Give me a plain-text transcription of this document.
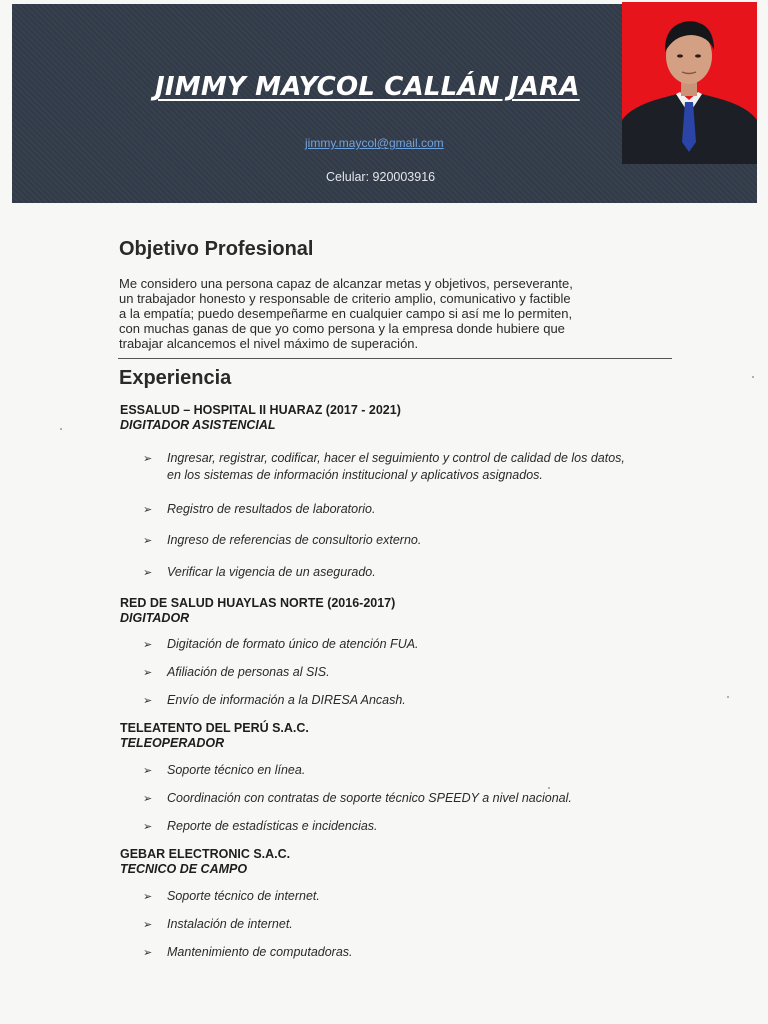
JIMMY MAYCOL CALLÁN JARA
jimmy.maycol@gmail.com
Celular: 920003916
Objetivo Profesional
Me considero una persona capaz de alcanzar metas y objetivos, perseverante,
un trabajador honesto y responsable de criterio amplio, comunicativo y factible
a la empatía; puedo desempeñarme en cualquier campo si así me lo permiten,
con muchas ganas de que yo como persona y la empresa donde hubiere que
trabajar alcancemos el nivel máximo de superación.
Experiencia
ESSALUD – HOSPITAL II HUARAZ (2017 - 2021)
DIGITADOR ASISTENCIAL
➢ Ingresar, registrar, codificar, hacer el seguimiento y control de calidad de los datos,
en los sistemas de información institucional y aplicativos asignados.
➢ Registro de resultados de laboratorio.
➢ Ingreso de referencias de consultorio externo.
➢ Verificar la vigencia de un asegurado.
RED DE SALUD HUAYLAS NORTE (2016-2017)
DIGITADOR
➢ Digitación de formato único de atención FUA.
➢ Afiliación de personas al SIS.
➢ Envío de información a la DIRESA Ancash.
TELEATENTO DEL PERÚ S.A.C.
TELEOPERADOR
➢ Soporte técnico en línea.
➢ Coordinación con contratas de soporte técnico SPEEDY a nivel nacional.
➢ Reporte de estadísticas e incidencias.
GEBAR ELECTRONIC S.A.C.
TECNICO DE CAMPO
➢ Soporte técnico de internet.
➢ Instalación de internet.
➢ Mantenimiento de computadoras.
